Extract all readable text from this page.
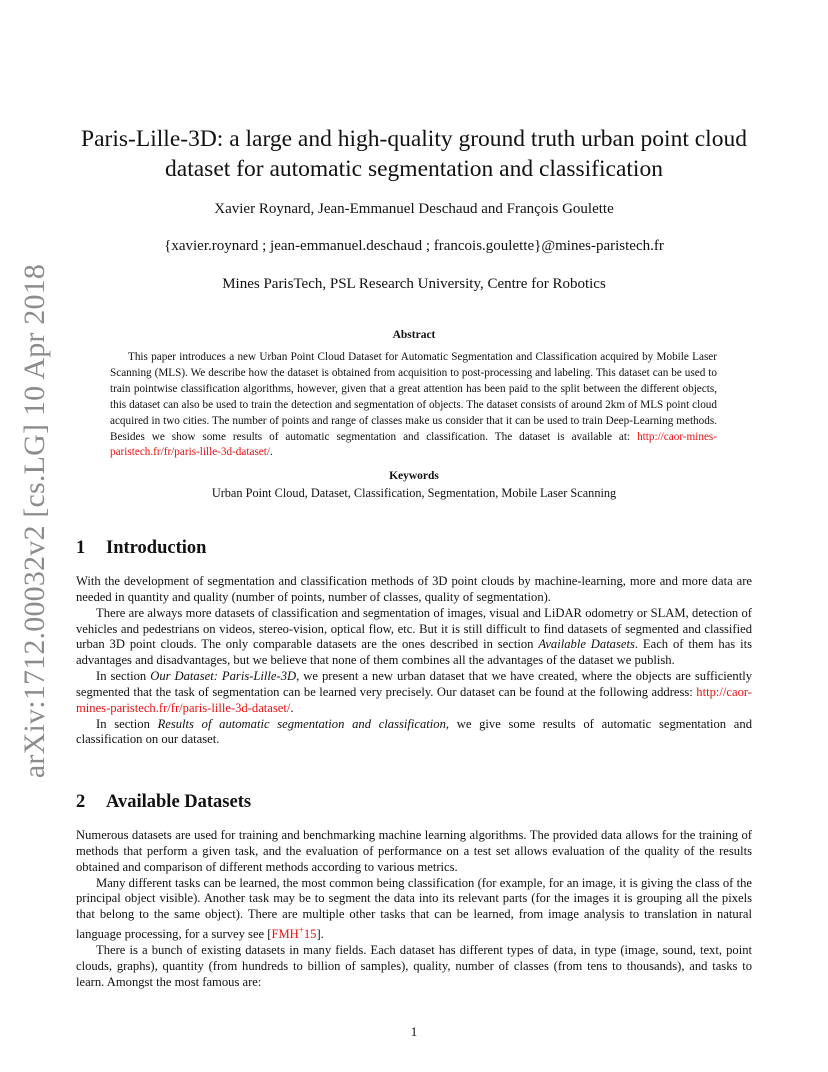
arXiv:1712.00032v2 [cs.LG] 10 Apr 2018
Paris-Lille-3D: a large and high-quality ground truth urban point cloud dataset for automatic segmentation and classification
Xavier Roynard, Jean-Emmanuel Deschaud and François Goulette
{xavier.roynard ; jean-emmanuel.deschaud ; francois.goulette}@mines-paristech.fr
Mines ParisTech, PSL Research University, Centre for Robotics
Abstract
This paper introduces a new Urban Point Cloud Dataset for Automatic Segmentation and Classification acquired by Mobile Laser Scanning (MLS). We describe how the dataset is obtained from acquisition to post-processing and labeling. This dataset can be used to train pointwise classification algorithms, however, given that a great attention has been paid to the split between the different objects, this dataset can also be used to train the detection and segmentation of objects. The dataset consists of around 2km of MLS point cloud acquired in two cities. The number of points and range of classes make us consider that it can be used to train Deep-Learning methods. Besides we show some results of automatic segmentation and classification. The dataset is available at: http://caor-mines-paristech.fr/fr/paris-lille-3d-dataset/.
Keywords
Urban Point Cloud, Dataset, Classification, Segmentation, Mobile Laser Scanning
1 Introduction

With the development of segmentation and classification methods of 3D point clouds by machine-learning, more and more data are needed in quantity and quality (number of points, number of classes, quality of segmentation).

There are always more datasets of classification and segmentation of images, visual and LiDAR odometry or SLAM, detection of vehicles and pedestrians on videos, stereo-vision, optical flow, etc. But it is still difficult to find datasets of segmented and classified urban 3D point clouds. The only comparable datasets are the ones described in section Available Datasets. Each of them has its advantages and disadvantages, but we believe that none of them combines all the advantages of the dataset we publish.

In section Our Dataset: Paris-Lille-3D, we present a new urban dataset that we have created, where the objects are sufficiently segmented that the task of segmentation can be learned very precisely. Our dataset can be found at the following address: http://caor-mines-paristech.fr/fr/paris-lille-3d-dataset/.

In section Results of automatic segmentation and classification, we give some results of automatic segmentation and classification on our dataset.

2 Available Datasets

Numerous datasets are used for training and benchmarking machine learning algorithms. The provided data allows for the training of methods that perform a given task, and the evaluation of performance on a test set allows evaluation of the quality of the results obtained and comparison of different methods according to various metrics.

Many different tasks can be learned, the most common being classification (for example, for an image, it is giving the class of the principal object visible). Another task may be to segment the data into its relevant parts (for the images it is grouping all the pixels that belong to the same object). There are multiple other tasks that can be learned, from image analysis to translation in natural language processing, for a survey see [FMH+15].

There is a bunch of existing datasets in many fields. Each dataset has different types of data, in type (image, sound, text, point clouds, graphs), quantity (from hundreds to billion of samples), quality, number of classes (from tens to thousands), and tasks to learn. Amongst the most famous are:

1
